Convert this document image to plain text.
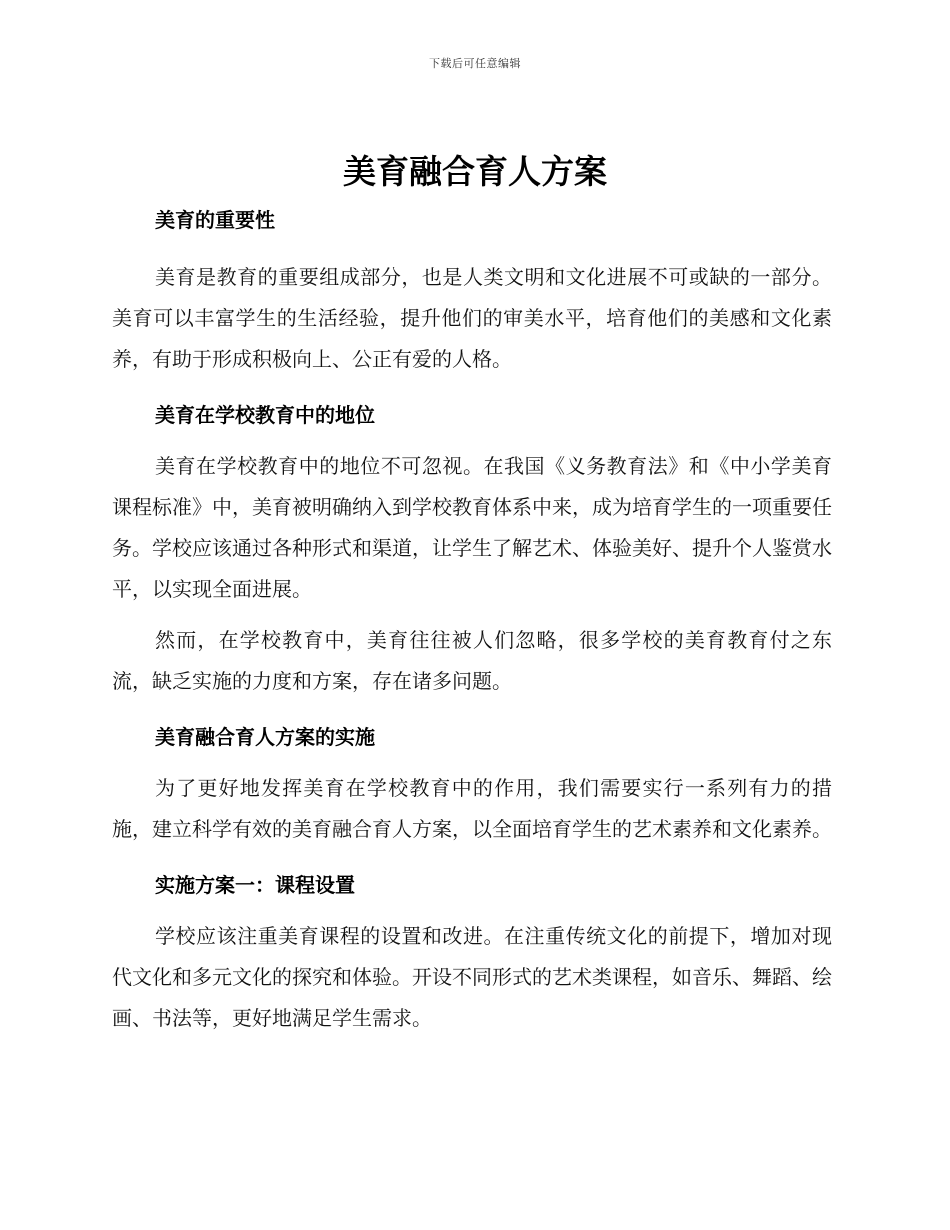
下载后可任意编辑
美育融合育人方案
美育的重要性

美育是教育的重要组成部分，也是人类文明和文化进展不可或缺的一部分。美育可以丰富学生的生活经验，提升他们的审美水平，培育他们的美感和文化素养，有助于形成积极向上、公正有爱的人格。

美育在学校教育中的地位

美育在学校教育中的地位不可忽视。在我国《义务教育法》和《中小学美育课程标准》中，美育被明确纳入到学校教育体系中来，成为培育学生的一项重要任务。学校应该通过各种形式和渠道，让学生了解艺术、体验美好、提升个人鉴赏水平，以实现全面进展。

然而，在学校教育中，美育往往被人们忽略，很多学校的美育教育付之东流，缺乏实施的力度和方案，存在诸多问题。

美育融合育人方案的实施

为了更好地发挥美育在学校教育中的作用，我们需要实行一系列有力的措施，建立科学有效的美育融合育人方案，以全面培育学生的艺术素养和文化素养。

实施方案一：课程设置

学校应该注重美育课程的设置和改进。在注重传统文化的前提下，增加对现代文化和多元文化的探究和体验。开设不同形式的艺术类课程，如音乐、舞蹈、绘画、书法等，更好地满足学生需求。
